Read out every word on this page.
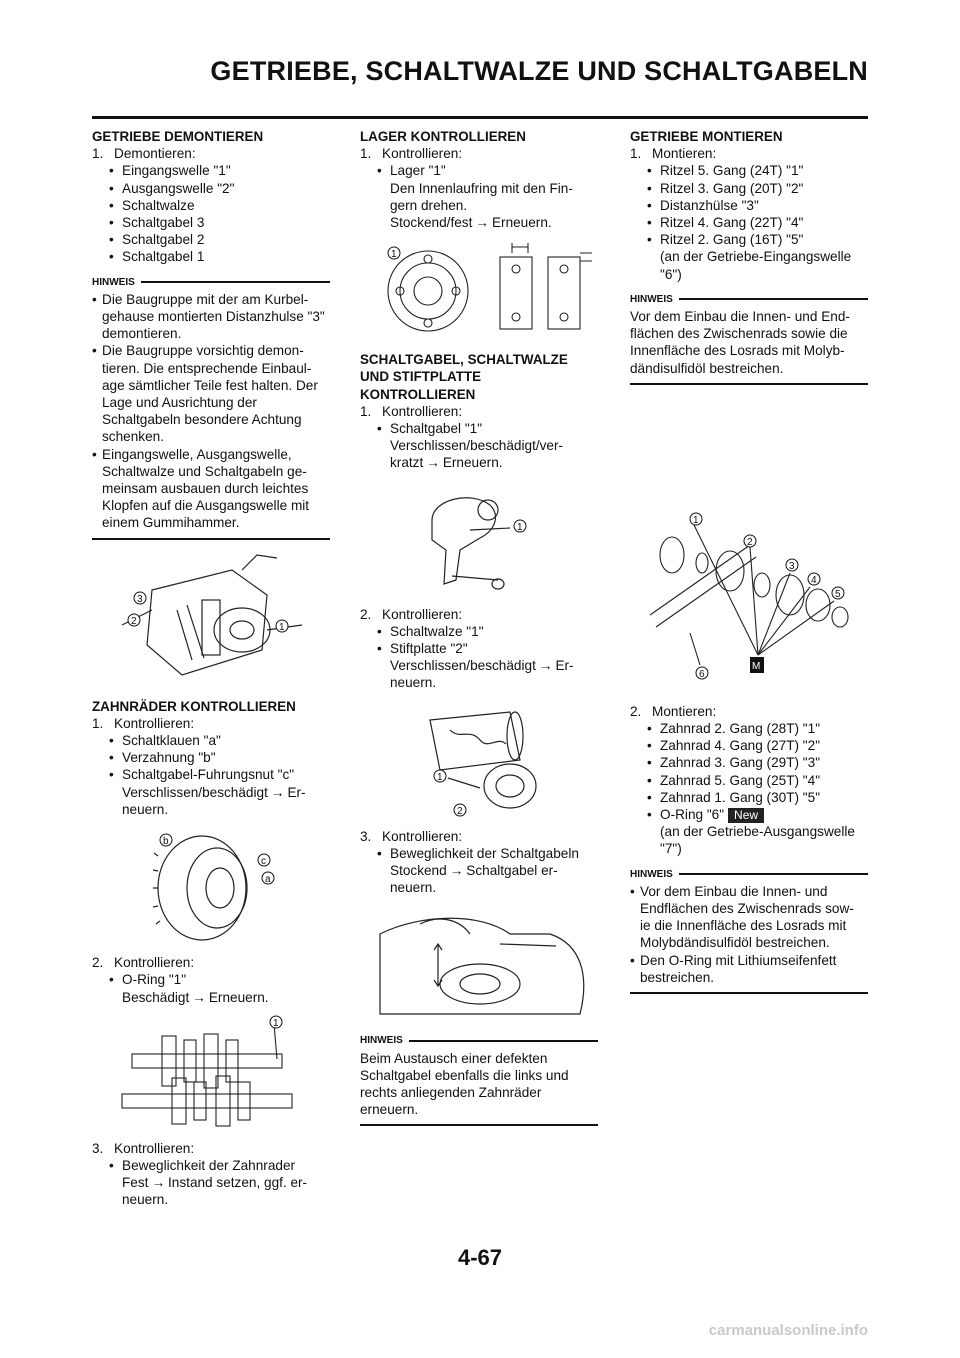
GETRIEBE, SCHALTWALZE UND SCHALTGABELN
GETRIEBE DEMONTIEREN
1. Demontieren:
• Eingangswelle "1"
• Ausgangswelle "2"
• Schaltwalze
• Schaltgabel 3
• Schaltgabel 2
• Schaltgabel 1
HINWEIS
• Die Baugruppe mit der am Kurbel- gehause montierten Distanzhulse "3" demontieren.
• Die Baugruppe vorsichtig demon- tieren. Die entsprechende Einbaul- age sämtlicher Teile fest halten. Der Lage und Ausrichtung der Schaltgabeln besondere Achtung schenken.
• Eingangswelle, Ausgangswelle, Schaltwalze und Schaltgabeln ge- meinsam ausbauen durch leichtes Klopfen auf die Ausgangswelle mit einem Gummihammer.
1
2
3
ZAHNRÄDER KONTROLLIEREN
1. Kontrollieren:
• Schaltklauen "a"
• Verzahnung "b"
• Schaltgabel-Fuhrungsnut "c"
Verschlissen/beschädigt → Er- neuern.
a
b
c
2. Kontrollieren:
• O-Ring "1"
Beschädigt → Erneuern.
1
3. Kontrollieren:
• Beweglichkeit der Zahnrader
Fest → Instand setzen, ggf. er- neuern.
LAGER KONTROLLIEREN
1. Kontrollieren:
• Lager "1"
Den Innenlaufring mit den Fin- gern drehen.
Stockend/fest → Erneuern.
1
SCHALTGABEL, SCHALTWALZE UND STIFTPLATTE KONTROLLIEREN
1. Kontrollieren:
• Schaltgabel "1"
Verschlissen/beschädigt/ver- kratzt → Erneuern.
1
2. Kontrollieren:
• Schaltwalze "1"
• Stiftplatte "2"
Verschlissen/beschädigt → Er- neuern.
1
2
3. Kontrollieren:
• Beweglichkeit der Schaltgabeln
Stockend → Schaltgabel er- neuern.
HINWEIS
Beim Austausch einer defekten Schaltgabel ebenfalls die links und rechts anliegenden Zahnräder erneuern.
GETRIEBE MONTIEREN
1. Montieren:
• Ritzel 5. Gang (24T) "1"
• Ritzel 3. Gang (20T) "2"
• Distanzhülse "3"
• Ritzel 4. Gang (22T) "4"
• Ritzel 2. Gang (16T) "5"
(an der Getriebe-Eingangswelle "6")
HINWEIS
Vor dem Einbau die Innen- und End- flächen des Zwischenrads sowie die Innenfläche des Losrads mit Molyb- dändisulfidöl bestreichen.
1
2
3
4
5
6
M
2. Montieren:
• Zahnrad 2. Gang (28T) "1"
• Zahnrad 4. Gang (27T) "2"
• Zahnrad 3. Gang (29T) "3"
• Zahnrad 5. Gang (25T) "4"
• Zahnrad 1. Gang (30T) "5"
• O-Ring "6" New
(an der Getriebe-Ausgangswelle "7")
HINWEIS
• Vor dem Einbau die Innen- und Endflächen des Zwischenrads sow- ie die Innenfläche des Losrads mit Molybdändisulfidöl bestreichen.
• Den O-Ring mit Lithiumseifenfett bestreichen.
4-67
carmanualsonline.info
